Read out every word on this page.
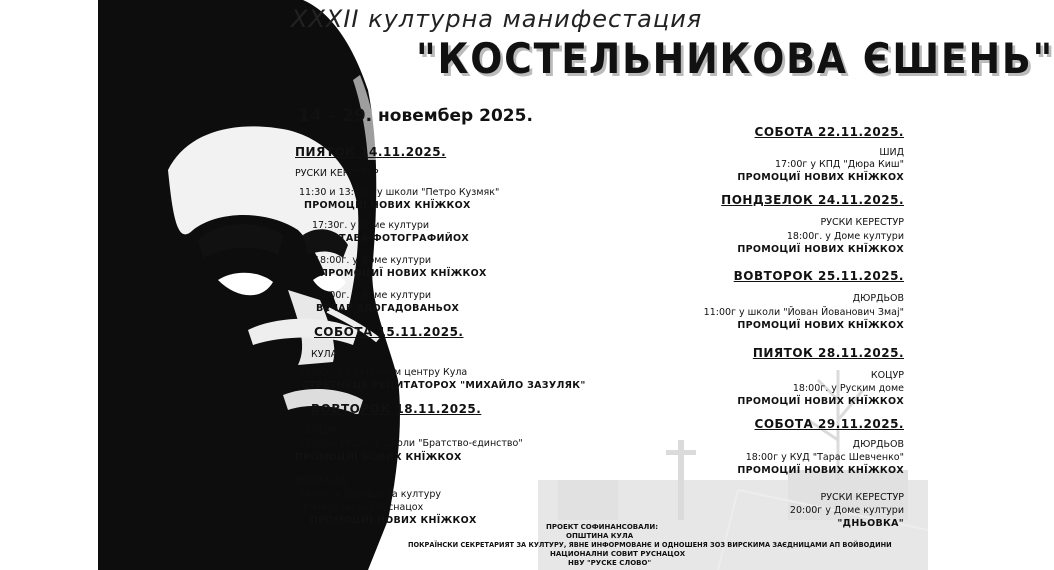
XXXII културна манифестация
"КОСТЕЛЬНИКОВА ЄШЕНЬ"
14 – 29. новембер 2025.
ПИЯТОК 14.11.2025.
РУСКИ КЕРЕСТУР
11:30 и 13:10г. у школи "Петро Кузмяк"
ПРОМОЦИЇ НОВИХ КНЇЖКОХ
17:30г. у Доме култури
ВИСТАВА ФОТОГРАФИЙОХ
18:00г. у Доме култури
ПРОМОЦИЇ НОВИХ КНЇЖКОХ
20:00г. у Доме култури
ВЕЧАР ЗДОГАДОВАНЬОХ
СОБОТА 15.11.2025.
КУЛА
15:00г. у Културним центру Кула
СТРЕТНУЦЕ РЕЦИТАТОРОХ "МИХАЙЛО ЗАЗУЛЯК"
ВОВТОРОК 18.11.2025.
КОЦУР
13:30 и 14:20г у школи "Братство-єдинство"
ПРОМОЦИЇ НОВИХ КНЇЖКОХ
НОВИ САД
18:00г у Заводзе за културу
войводинских Руснацох
ПРОМОЦИЇ НОВИХ КНЇЖКОХ
СОБОТА 22.11.2025.
ШИД
17:00г у КПД "Дюра Киш"
ПРОМОЦИЇ НОВИХ КНЇЖКОХ
ПОНДЗЕЛОК 24.11.2025.
РУСКИ КЕРЕСТУР
18:00г. у Доме култури
ПРОМОЦИЇ НОВИХ КНЇЖКОХ
ВОВТОРОК 25.11.2025.
ДЮРДЬОВ
11:00г у школи "Йован Йованович Змај"
ПРОМОЦИЇ НОВИХ КНЇЖКОХ
ПИЯТОК 28.11.2025.
КОЦУР
18:00г. у Руским доме
ПРОМОЦИЇ НОВИХ КНЇЖКОХ
СОБОТА 29.11.2025.
ДЮРДЬОВ
18:00г у КУД "Тарас Шевченко"
ПРОМОЦИЇ НОВИХ КНЇЖКОХ
РУСКИ КЕРЕСТУР
20:00г у Доме култури
"ДНЬОВКА"
ПРОЕКТ СОФИНАНСОВАЛИ:
ОПШТИНА КУЛА
ПОКРАЇНСКИ СЕКРЕТАРИЯТ ЗА КУЛТУРУ, ЯВНЕ ИНФОРМОВАНЄ И ОДНОШЕНЯ ЗОЗ ВИРСКИМА ЗАЄДНИЦАМИ АП ВОЙВОДИНИ
НАЦИОНАЛНИ СОВИТ РУСНАЦОХ
НВУ "РУСКЕ СЛОВО"
